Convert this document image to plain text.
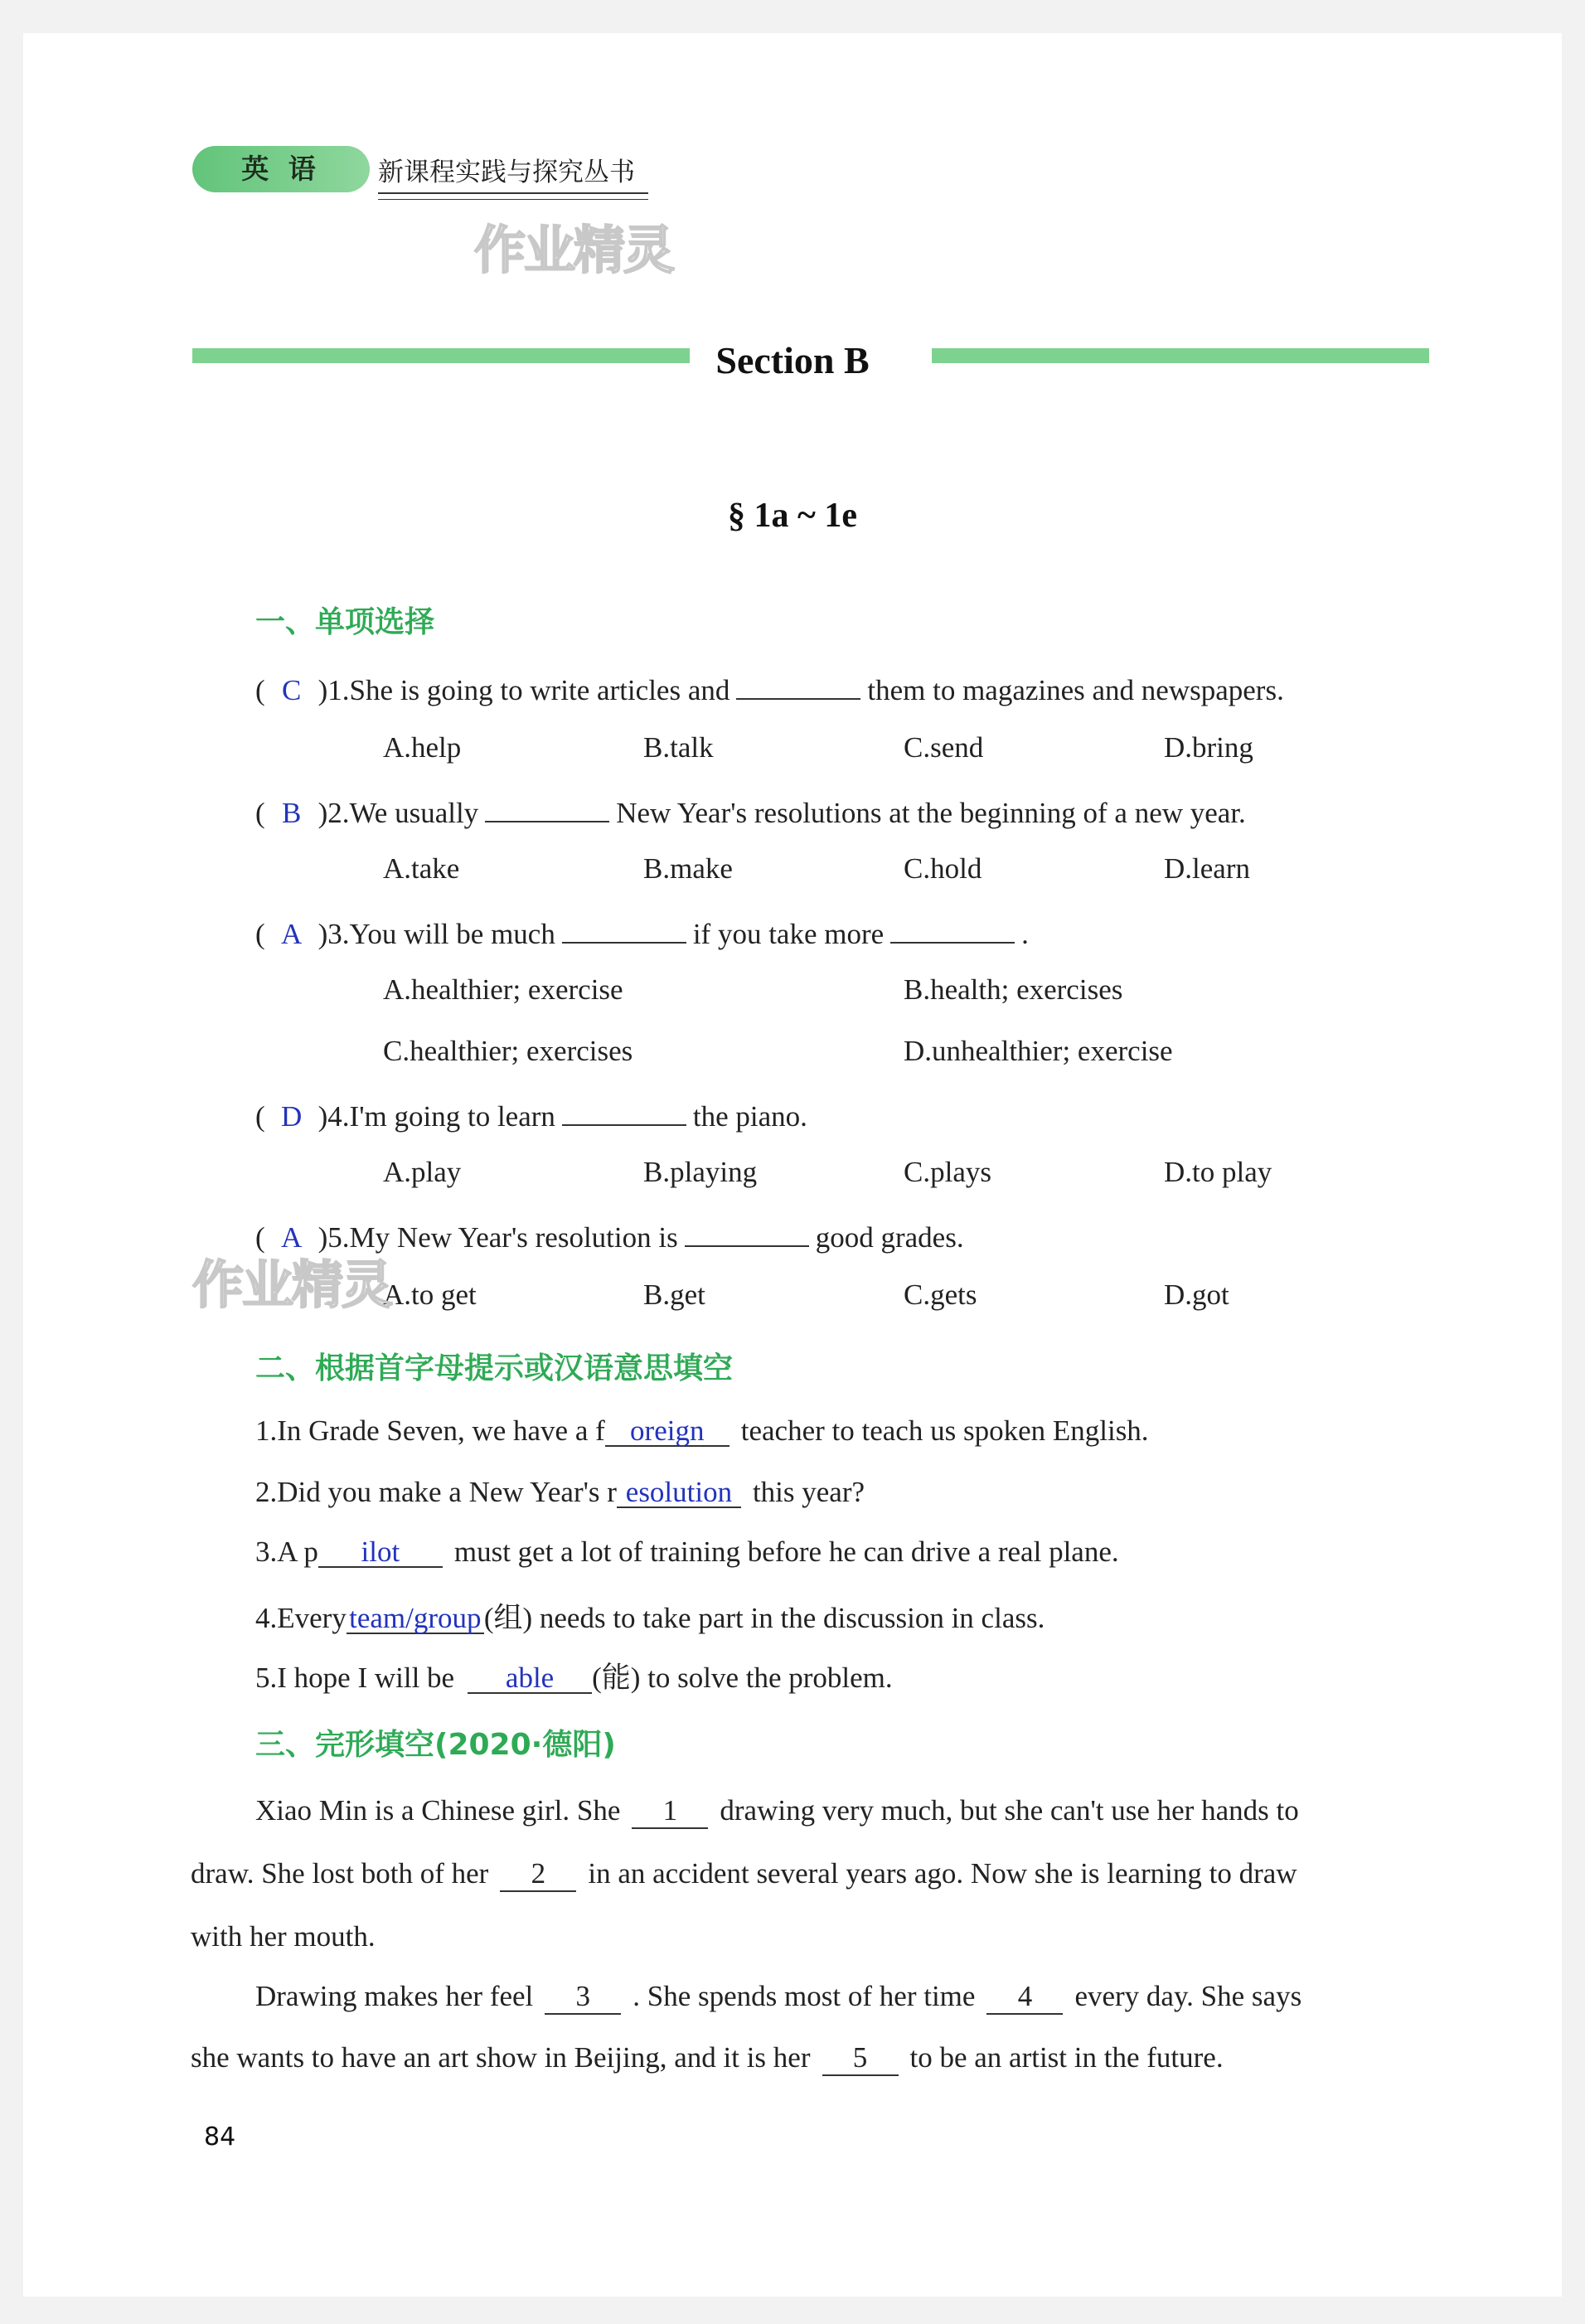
英 语	新课程实践与探究丛书
作业精灵
Section B
§ 1a ~ 1e
一、单项选择
( C )1.She is going to write articles and	them to magazines and newspapers.
A.help	B.talk	C.send	D.bring
( B )2.We usually	New Year's resolutions at the beginning of a new year.
A.take	B.make	C.hold	D.learn
( A )3.You will be much	if you take more	.
A.healthier; exercise	B.health; exercises
C.healthier; exercises	D.unhealthier; exercise
( D )4.I'm going to learn	the piano.
A.play	B.playing	C.plays	D.to play
( A )5.My New Year's resolution is	good grades.
A.to get	B.get	C.gets	D.got
作业精灵
二、根据首字母提示或汉语意思填空
1.In Grade Seven, we have a f oreign teacher to teach us spoken English.
2.Did you make a New Year's r esolution this year?
3.A p ilot must get a lot of training before he can drive a real plane.
4.Everyteam/group(组) needs to take part in the discussion in class.
5.I hope I will be able (能) to solve the problem.
三、完形填空(2020·德阳)
Xiao Min is a Chinese girl. She 1 drawing very much, but she can't use her hands to
draw. She lost both of her 2 in an accident several years ago. Now she is learning to draw
with her mouth.
Drawing makes her feel 3 . She spends most of her time 4 every day. She says
she wants to have an art show in Beijing, and it is her 5 to be an artist in the future.
84
